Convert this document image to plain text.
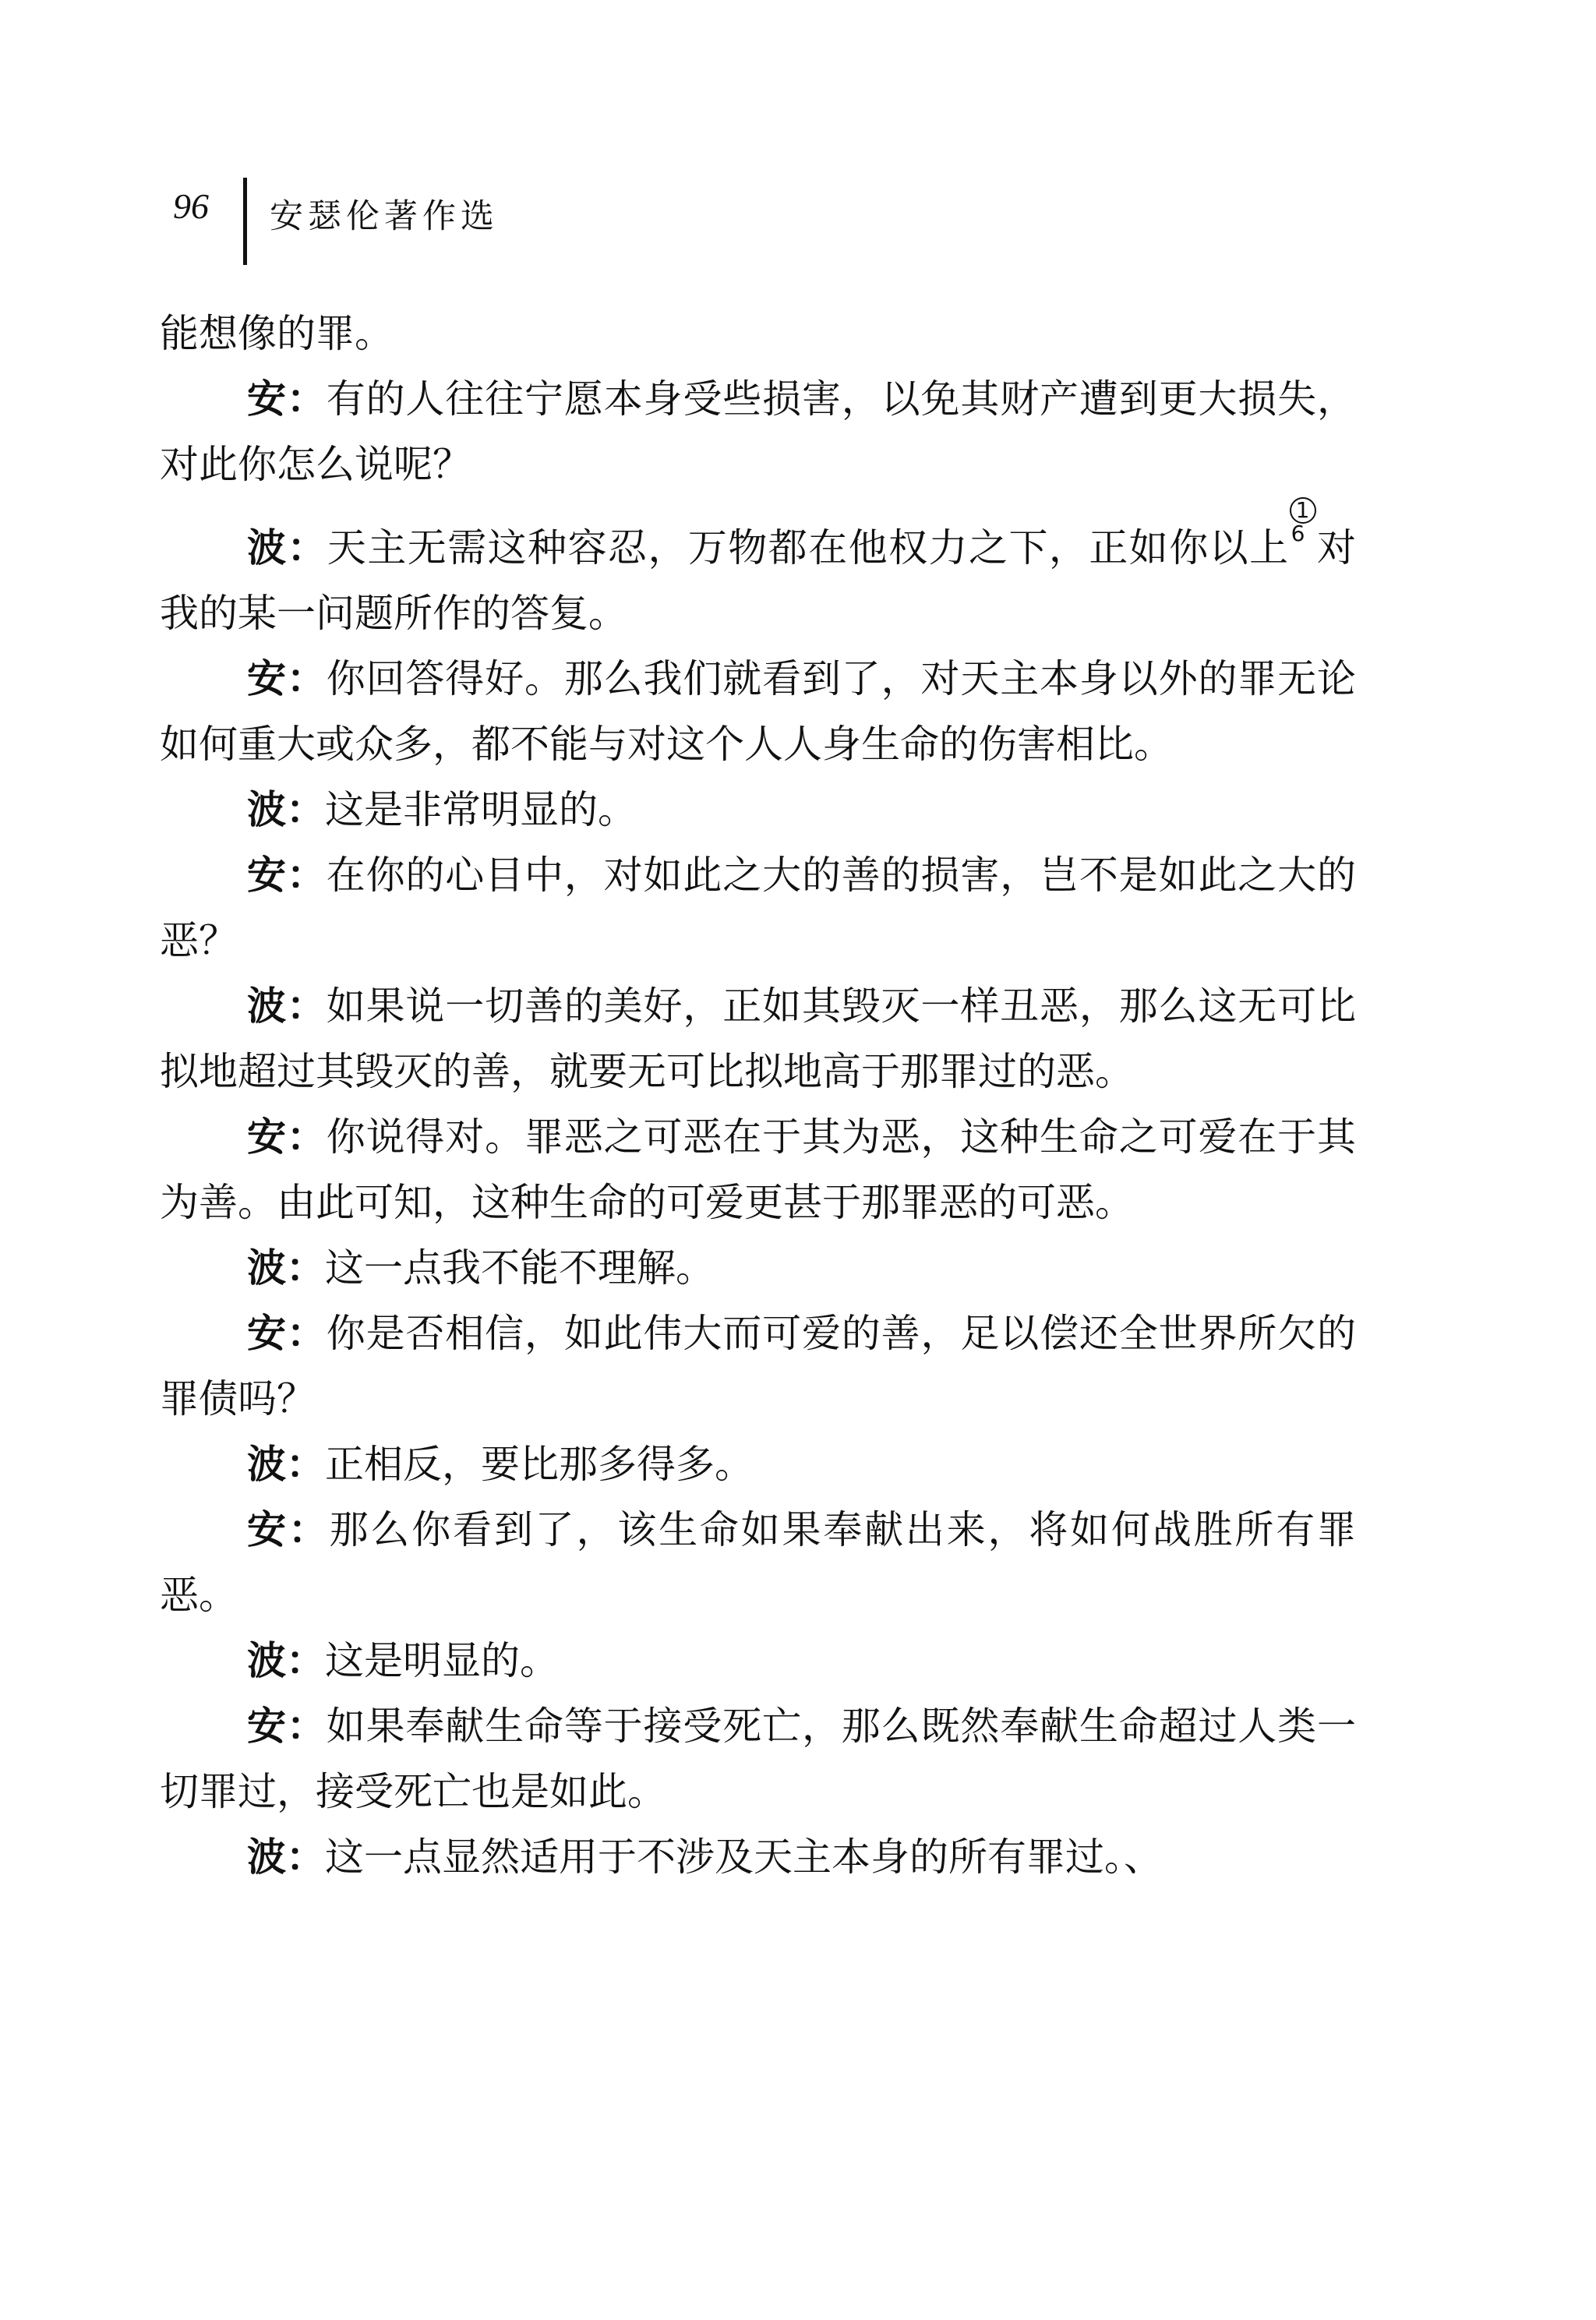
96 安瑟伦著作选

能想像的罪。

安：有的人往往宁愿本身受些损害，以免其财产遭到更大损失，对此你怎么说呢？

波：天主无需这种容忍，万物都在他权力之下，正如你以上16 对我的某一问题所作的答复。

安：你回答得好。那么我们就看到了，对天主本身以外的罪无论如何重大或众多，都不能与对这个人人身生命的伤害相比。

波：这是非常明显的。

安：在你的心目中，对如此之大的善的损害，岂不是如此之大的恶？

波：如果说一切善的美好，正如其毁灭一样丑恶，那么这无可比拟地超过其毁灭的善，就要无可比拟地高于那罪过的恶。

安：你说得对。罪恶之可恶在于其为恶，这种生命之可爱在于其为善。由此可知，这种生命的可爱更甚于那罪恶的可恶。

波：这一点我不能不理解。

安：你是否相信，如此伟大而可爱的善，足以偿还全世界所欠的罪债吗？

波：正相反，要比那多得多。

安：那么你看到了，该生命如果奉献出来，将如何战胜所有罪恶。

波：这是明显的。

安：如果奉献生命等于接受死亡，那么既然奉献生命超过人类一切罪过，接受死亡也是如此。

波：这一点显然适用于不涉及天主本身的所有罪过。、
